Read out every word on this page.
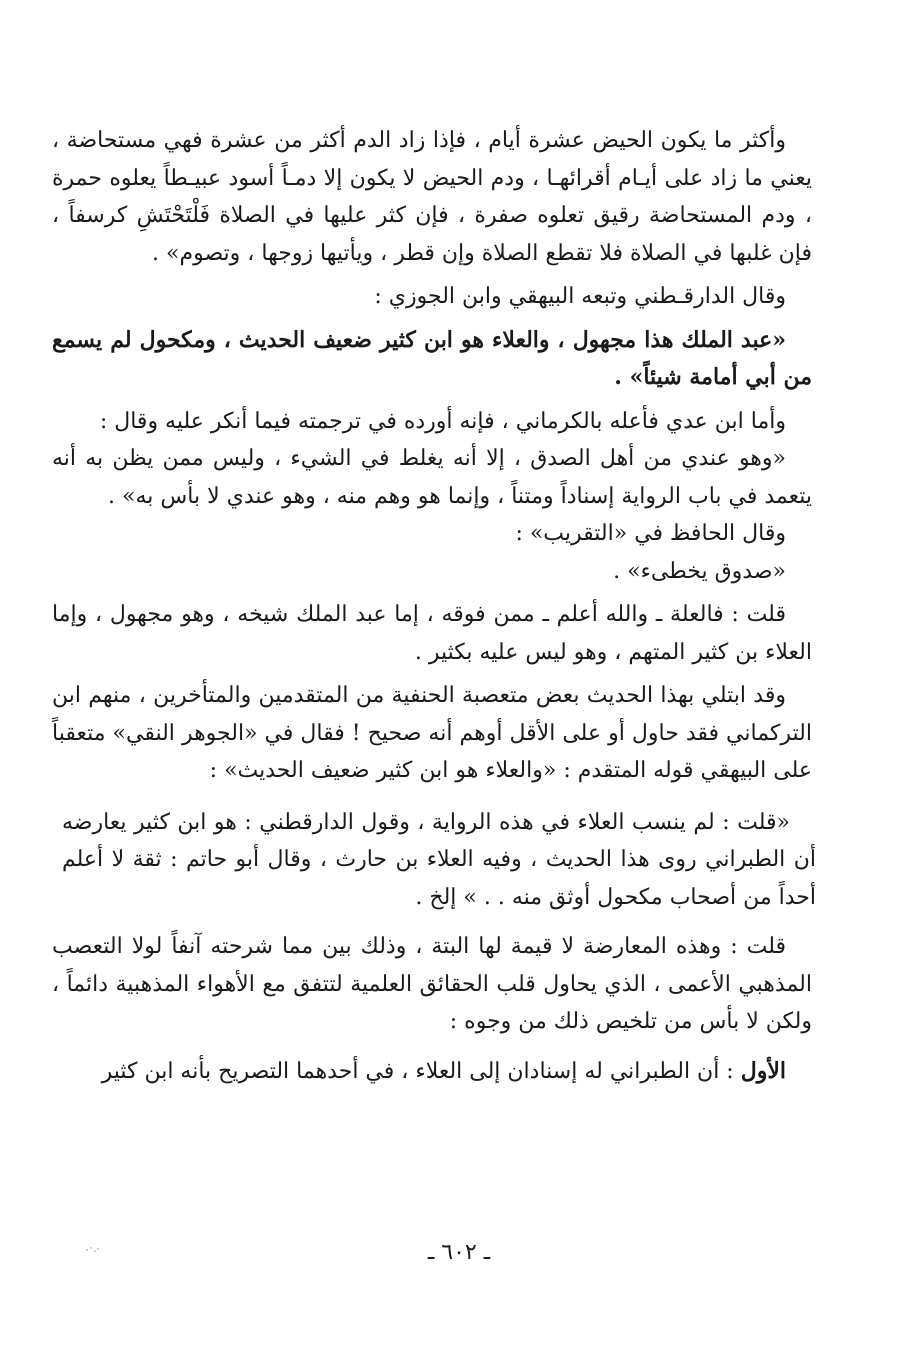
وأكثر ما يكون الحيض عشرة أيام ، فإذا زاد الدم أكثر من عشرة فهي مستحاضة ، يعني ما زاد على أيـام أقرائهـا ، ودم الحيض لا يكون إلا دمـاً أسود عبيـطاً يعلوه حمرة ، ودم المستحاضة رقيق تعلوه صفرة ، فإن كثر عليها في الصلاة فَلْتَحْتَشِ كرسفاً ، فإن غلبها في الصلاة فلا تقطع الصلاة وإن قطر ، ويأتيها زوجها ، وتصوم» .

وقال الدارقـطني وتبعه البيهقي وابن الجوزي :

«عبد الملك هذا مجهول ، والعلاء هو ابن كثير ضعيف الحديث ، ومكحول لم يسمع من أبي أمامة شيئاً» .

وأما ابن عدي فأعله بالكرماني ، فإنه أورده في ترجمته فيما أنكر عليه وقال :

«وهو عندي من أهل الصدق ، إلا أنه يغلط في الشيء ، وليس ممن يظن به أنه يتعمد في باب الرواية إسناداً ومتناً ، وإنما هو وهم منه ، وهو عندي لا بأس به» .

وقال الحافظ في «التقريب» :

«صدوق يخطىء» .

قلت : فالعلة ـ والله أعلم ـ ممن فوقه ، إما عبد الملك شيخه ، وهو مجهول ، وإما العلاء بن كثير المتهم ، وهو ليس عليه بكثير .

وقد ابتلي بهذا الحديث بعض متعصبة الحنفية من المتقدمين والمتأخرين ، منهم ابن التركماني فقد حاول أو على الأقل أوهم أنه صحيح ! فقال في «الجوهر النقي» متعقباً على البيهقي قوله المتقدم : «والعلاء هو ابن كثير ضعيف الحديث» :

«قلت : لم ينسب العلاء في هذه الرواية ، وقول الدارقطني : هو ابن كثير يعارضه أن الطبراني روى هذا الحديث ، وفيه العلاء بن حارث ، وقال أبو حاتم : ثقة لا أعلم أحداً من أصحاب مكحول أوثق منه . . » إلخ .

قلت : وهذه المعارضة لا قيمة لها البتة ، وذلك بين مما شرحته آنفاً لولا التعصب المذهبي الأعمى ، الذي يحاول قلب الحقائق العلمية لتتفق مع الأهواء المذهبية دائماً ، ولكن لا بأس من تلخيص ذلك من وجوه :

الأول : أن الطبراني له إسنادان إلى العلاء ، في أحدهما التصريح بأنه ابن كثير

ـ ٦٠٢ ـ
